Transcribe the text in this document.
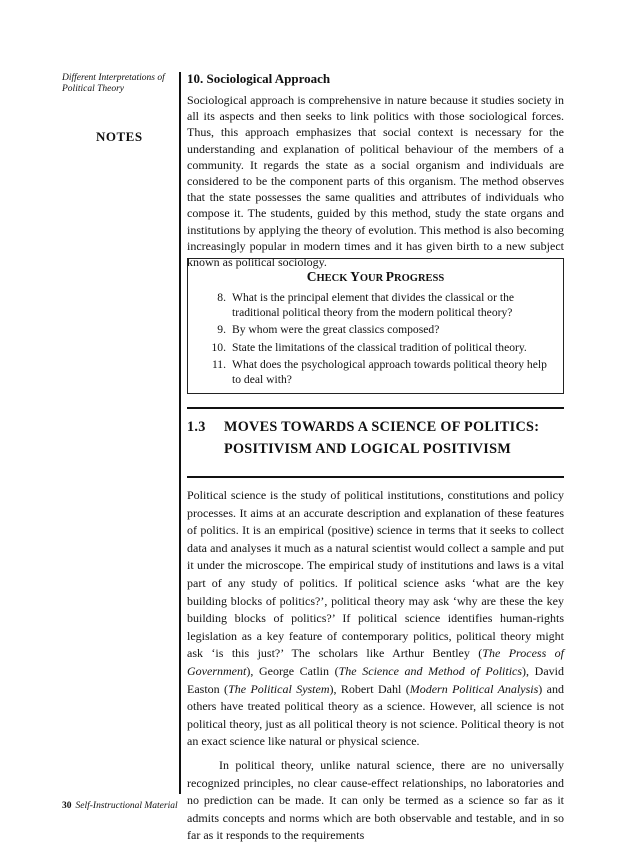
Different Interpretations of Political Theory
NOTES
10. Sociological Approach

Sociological approach is comprehensive in nature because it studies society in all its aspects and then seeks to link politics with those sociological forces. Thus, this approach emphasizes that social context is necessary for the understanding and explanation of political behaviour of the members of a community. It regards the state as a social organism and individuals are considered to be the component parts of this organism. The method observes that the state possesses the same qualities and attributes of individuals who compose it. The students, guided by this method, study the state organs and institutions by applying the theory of evolution. This method is also becoming increasingly popular in modern times and it has given birth to a new subject known as political sociology.

CHECK YOUR PROGRESS
8. What is the principal element that divides the classical or the traditional political theory from the modern political theory?
9. By whom were the great classics composed?
10. State the limitations of the classical tradition of political theory.
11. What does the psychological approach towards political theory help to deal with?
1.3 MOVES TOWARDS A SCIENCE OF POLITICS: POSITIVISM AND LOGICAL POSITIVISM

Political science is the study of political institutions, constitutions and policy processes. It aims at an accurate description and explanation of these features of politics. It is an empirical (positive) science in terms that it seeks to collect data and analyses it much as a natural scientist would collect a sample and put it under the microscope. The empirical study of institutions and laws is a vital part of any study of politics. If political science asks ‘what are the key building blocks of politics?’, political theory may ask ‘why are these the key building blocks of politics?’ If political science identifies human-rights legislation as a key feature of contemporary politics, political theory might ask ‘is this just?’ The scholars like Arthur Bentley (The Process of Government), George Catlin (The Science and Method of Politics), David Easton (The Political System), Robert Dahl (Modern Political Analysis) and others have treated political theory as a science. However, all science is not political theory, just as all political theory is not science. Political theory is not an exact science like natural or physical science.

In political theory, unlike natural science, there are no universally recognized principles, no clear cause-effect relationships, no laboratories and no prediction can be made. It can only be termed as a science so far as it admits concepts and norms which are both observable and testable, and in so far as it responds to the requirements

30 Self-Instructional Material
